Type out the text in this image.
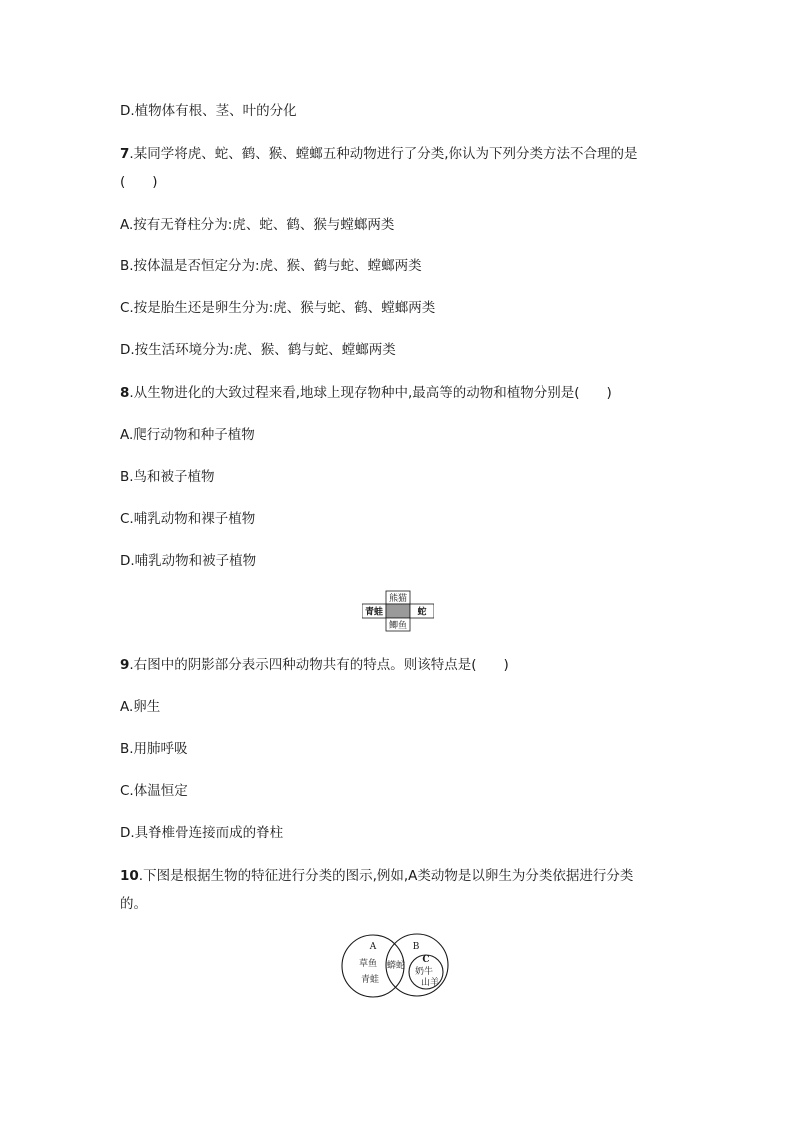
D.植物体有根、茎、叶的分化
7.某同学将虎、蛇、鹤、猴、螳螂五种动物进行了分类,你认为下列分类方法不合理的是
(　　)
A.按有无脊柱分为:虎、蛇、鹤、猴与螳螂两类
B.按体温是否恒定分为:虎、猴、鹤与蛇、螳螂两类
C.按是胎生还是卵生分为:虎、猴与蛇、鹤、螳螂两类
D.按生活环境分为:虎、猴、鹤与蛇、螳螂两类
8.从生物进化的大致过程来看,地球上现存物种中,最高等的动物和植物分别是(　　)
A.爬行动物和种子植物
B.鸟和被子植物
C.哺乳动物和裸子植物
D.哺乳动物和被子植物
熊猫
青蛙	蛇
鲫鱼
9.右图中的阴影部分表示四种动物共有的特点。则该特点是(　　)
A.卵生
B.用肺呼吸
C.体温恒定
D.具脊椎骨连接而成的脊柱
10.下图是根据生物的特征进行分类的图示,例如,A类动物是以卵生为分类依据进行分类
的。
A	B
C
草鱼
青蛙
蟒蛇
奶牛
山羊
